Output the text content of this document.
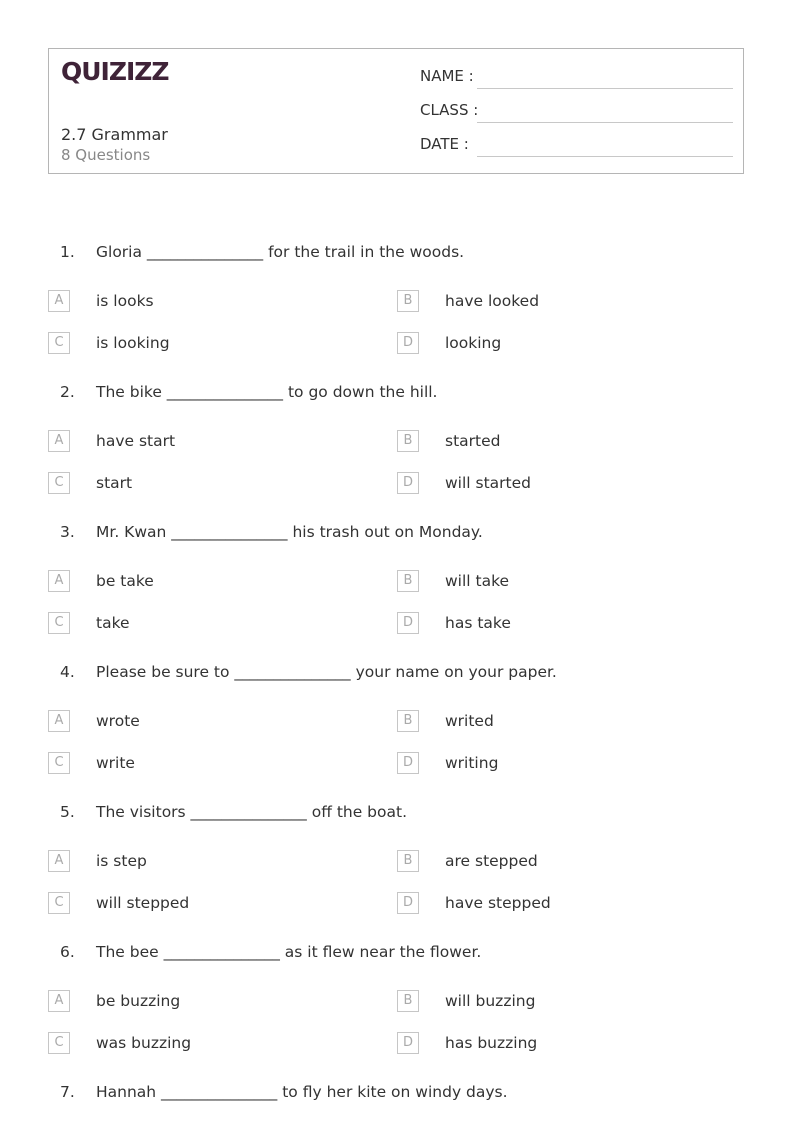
QUIZIZZ
2.7 Grammar
8 Questions
NAME :
CLASS :
DATE :
1. Gloria _______________ for the trail in the woods.
A	is looks	B	have looked
C	is looking	D	looking
2. The bike _______________ to go down the hill.
A	have start	B	started
C	start	D	will started
3. Mr. Kwan _______________ his trash out on Monday.
A	be take	B	will take
C	take	D	has take
4. Please be sure to _______________ your name on your paper.
A	wrote	B	writed
C	write	D	writing
5. The visitors _______________ off the boat.
A	is step	B	are stepped
C	will stepped	D	have stepped
6. The bee _______________ as it flew near the flower.
A	be buzzing	B	will buzzing
C	was buzzing	D	has buzzing
7. Hannah _______________ to fly her kite on windy days.
